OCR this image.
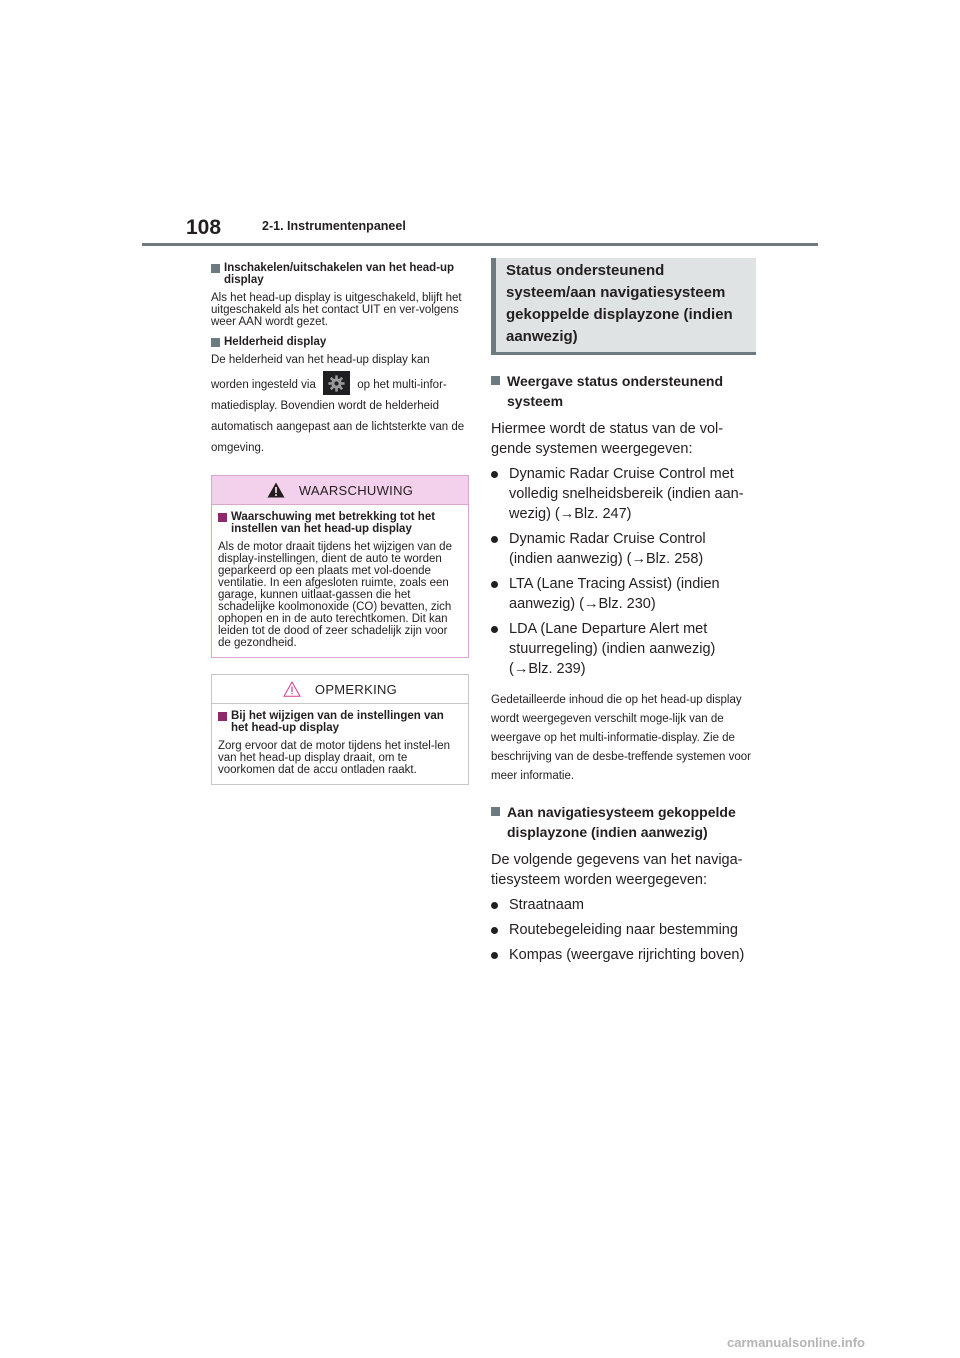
108	2-1. Instrumentenpaneel
Inschakelen/uitschakelen van het head-up display
Als het head-up display is uitgeschakeld, blijft het uitgeschakeld als het contact UIT en ver-volgens weer AAN wordt gezet.
Helderheid display
De helderheid van het head-up display kan worden ingesteld via	op het multi-infor-matiedisplay. Bovendien wordt de helderheid automatisch aangepast aan de lichtsterkte van de omgeving.
WAARSCHUWING
Waarschuwing met betrekking tot het instellen van het head-up display
Als de motor draait tijdens het wijzigen van de display-instellingen, dient de auto te worden geparkeerd op een plaats met vol-doende ventilatie. In een afgesloten ruimte, zoals een garage, kunnen uitlaat-gassen die het schadelijke koolmonoxide (CO) bevatten, zich ophopen en in de auto terechtkomen. Dit kan leiden tot de dood of zeer schadelijk zijn voor de gezondheid.
OPMERKING
Bij het wijzigen van de instellingen van het head-up display
Zorg ervoor dat de motor tijdens het instel-len van het head-up display draait, om te voorkomen dat de accu ontladen raakt.
Status ondersteunend systeem/aan navigatiesysteem gekoppelde displayzone (indien aanwezig)
Weergave status ondersteunend systeem
Hiermee wordt de status van de vol-gende systemen weergegeven:
Dynamic Radar Cruise Control met volledig snelheidsbereik (indien aan-wezig) (→Blz. 247)
Dynamic Radar Cruise Control (indien aanwezig) (→Blz. 258)
LTA (Lane Tracing Assist) (indien aanwezig) (→Blz. 230)
LDA (Lane Departure Alert met stuurregeling) (indien aanwezig) (→Blz. 239)
Gedetailleerde inhoud die op het head-up display wordt weergegeven verschilt moge-lijk van de weergave op het multi-informatie-display. Zie de beschrijving van de desbe-treffende systemen voor meer informatie.
Aan navigatiesysteem gekoppelde displayzone (indien aanwezig)
De volgende gegevens van het naviga-tiesysteem worden weergegeven:
Straatnaam
Routebegeleiding naar bestemming
Kompas (weergave rijrichting boven)
carmanualsonline.info
